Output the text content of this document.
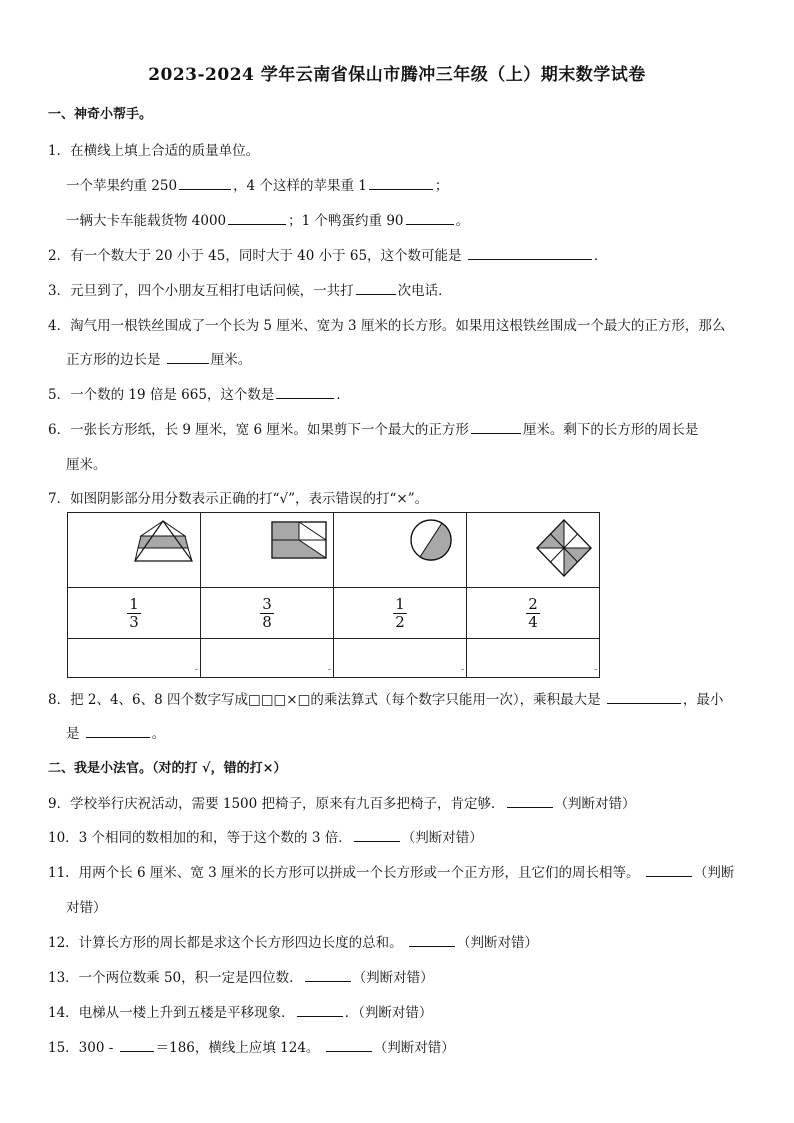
2023-2024 学年云南省保山市腾冲三年级（上）期末数学试卷
一、神奇小帮手。
1．在横线上填上合适的质量单位。
一个苹果约重 250	，4 个这样的苹果重 1	；
一辆大卡车能载货物 4000	；1 个鸭蛋约重 90	。
2．有一个数大于 20 小于 45，同时大于 40 小于 65，这个数可能是	．
3．元旦到了，四个小朋友互相打电话问候，一共打	次电话．
4．淘气用一根铁丝围成了一个长为 5 厘米、宽为 3 厘米的长方形。如果用这根铁丝围成一个最大的正方形，那么
正方形的边长是	厘米。
5．一个数的 19 倍是 665，这个数是	．
6．一张长方形纸，长 9 厘米，宽 6 厘米。如果剪下一个最大的正方形	厘米。剩下的长方形的周长是
厘米。
7．如图阴影部分用分数表示正确的打“√”，表示错误的打“×”。

$\frac{1}{3}$	$\frac{3}{8}$	$\frac{1}{2}$	$\frac{2}{4}$

-	-	-	-
8．把 2、4、6、8 四个数字写成□□□×□的乘法算式（每个数字只能用一次），乘积最大是	，最小
是	。
二、我是小法官。（对的打 √，错的打×）
9．学校举行庆祝活动，需要 1500 把椅子，原来有九百多把椅子，肯定够．	（判断对错）
10．3 个相同的数相加的和，等于这个数的 3 倍．	（判断对错）
11．用两个长 6 厘米、宽 3 厘米的长方形可以拼成一个长方形或一个正方形，且它们的周长相等。	（判断
对错）
12．计算长方形的周长都是求这个长方形四边长度的总和。	（判断对错）
13．一个两位数乘 50，积一定是四位数．	（判断对错）
14．电梯从一楼上升到五楼是平移现象．	．（判断对错）
15．300 -	＝186，横线上应填 124。	（判断对错）
